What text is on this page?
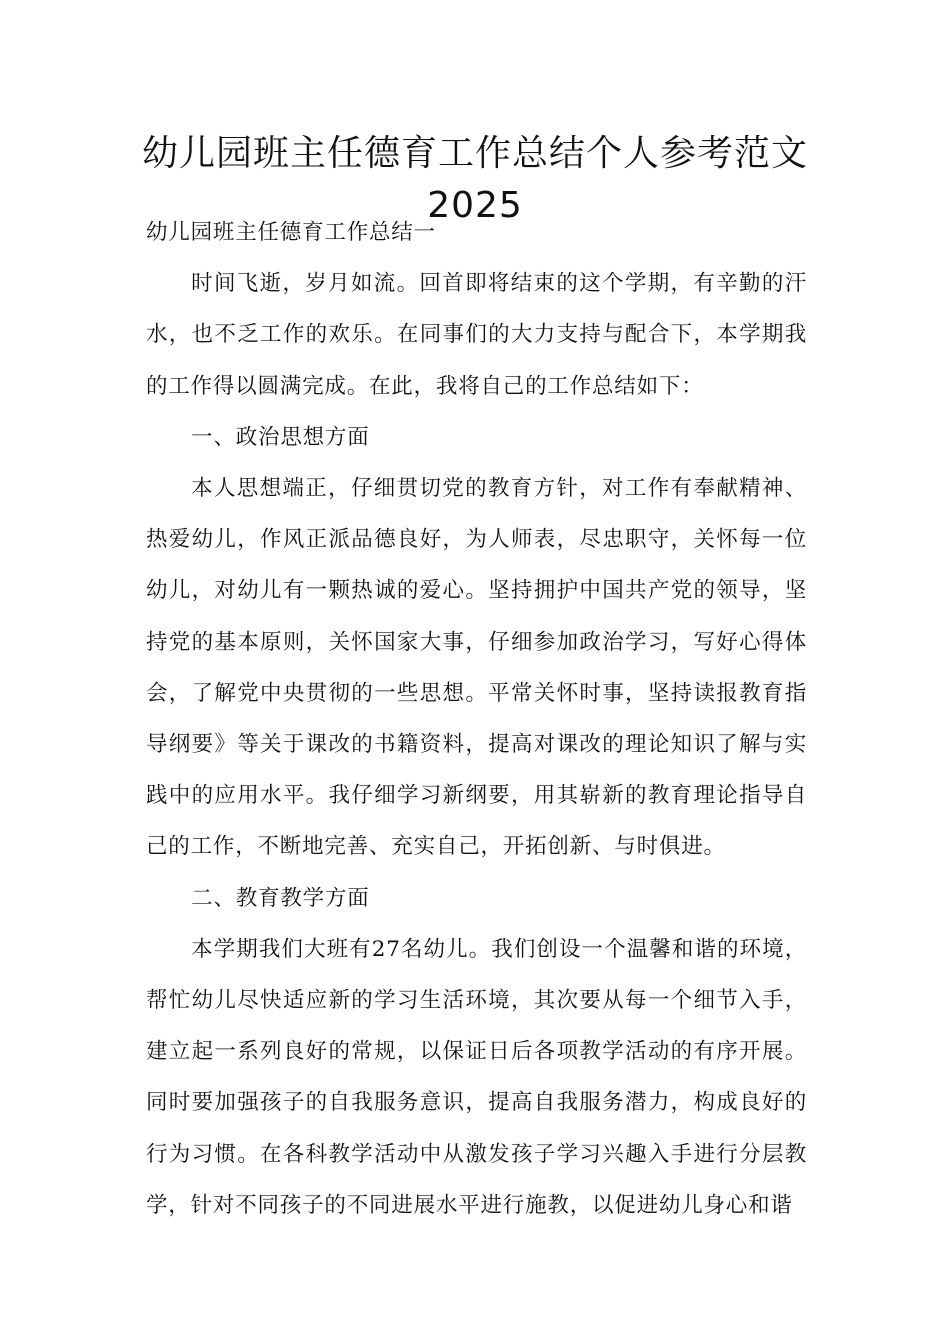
幼儿园班主任德育工作总结个人参考范文2025

幼儿园班主任德育工作总结一

时间飞逝，岁月如流。回首即将结束的这个学期，有辛勤的汗水，也不乏工作的欢乐。在同事们的大力支持与配合下，本学期我的工作得以圆满完成。在此，我将自己的工作总结如下：

一、政治思想方面

本人思想端正，仔细贯切党的教育方针，对工作有奉献精神、热爱幼儿，作风正派品德良好，为人师表，尽忠职守，关怀每一位幼儿，对幼儿有一颗热诚的爱心。坚持拥护中国共产党的领导，坚持党的基本原则，关怀国家大事，仔细参加政治学习，写好心得体会，了解党中央贯彻的一些思想。平常关怀时事，坚持读报教育指导纲要》等关于课改的书籍资料，提高对课改的理论知识了解与实践中的应用水平。我仔细学习新纲要，用其崭新的教育理论指导自己的工作，不断地完善、充实自己，开拓创新、与时俱进。

二、教育教学方面

本学期我们大班有27名幼儿。我们创设一个温馨和谐的环境，帮忙幼儿尽快适应新的学习生活环境，其次要从每一个细节入手，建立起一系列良好的常规，以保证日后各项教学活动的有序开展。同时要加强孩子的自我服务意识，提高自我服务潜力，构成良好的行为习惯。在各科教学活动中从激发孩子学习兴趣入手进行分层教学，针对不同孩子的不同进展水平进行施教，以促进幼儿身心和谐
